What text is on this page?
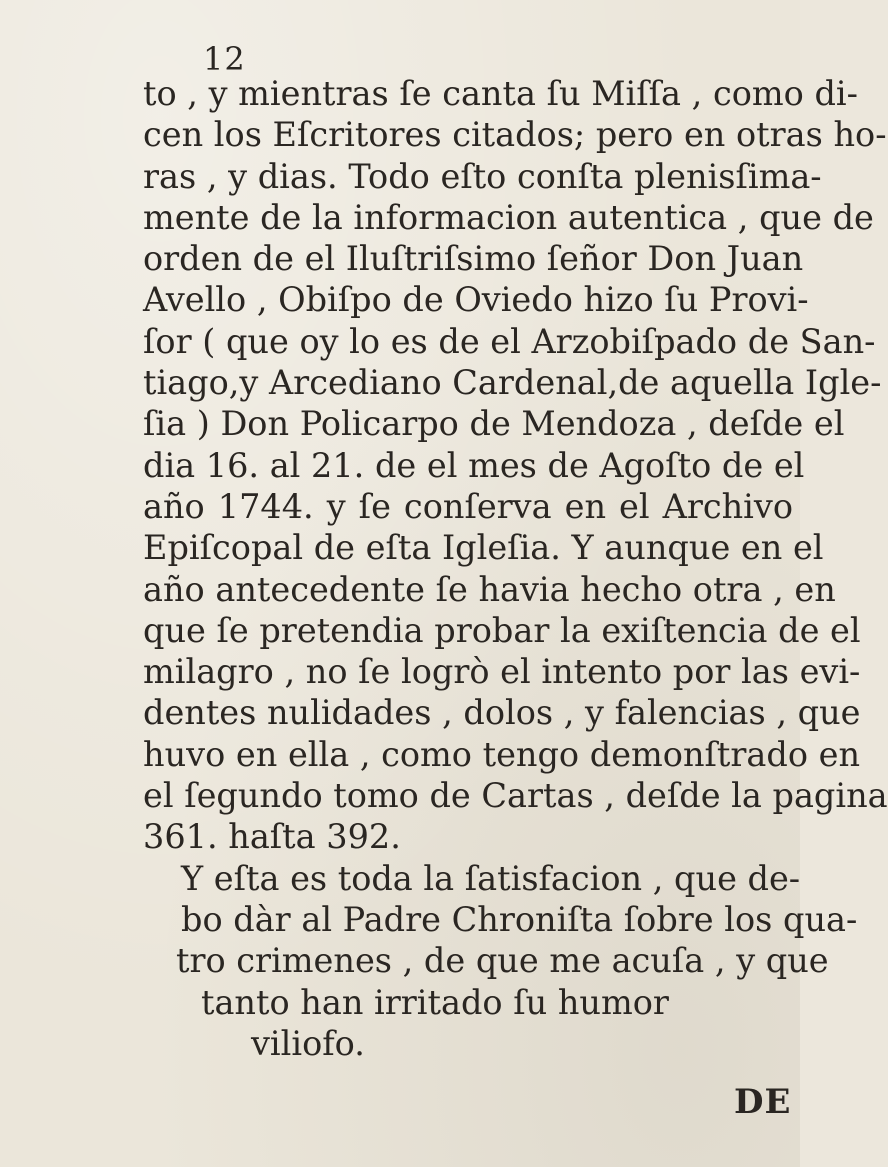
12
to , y mientras ſe canta ſu Miſſa , como di-
cen los Eſcritores citados; pero en otras ho-
ras , y dias. Todo eſto conſta plenisſima-
mente de la informacion autentica , que de
orden de el Iluſtriſsimo ſeñor Don Juan
Avello , Obiſpo de Oviedo hizo ſu Provi-
ſor ( que oy lo es de el Arzobiſpado de San-
tiago,y Arcediano Cardenal,de aquella Igle-
ſia ) Don Policarpo de Mendoza , deſde el
dia 16. al 21. de el mes de Agoſto de el
año 1744. y ſe conſerva en el Archivo
Epiſcopal de eſta Igleſia. Y aunque en el
año antecedente ſe havia hecho otra , en
que ſe pretendia probar la exiſtencia de el
milagro , no ſe logrò el intento por las evi-
dentes nulidades , dolos , y falencias , que
huvo en ella , como tengo demonſtrado en
el ſegundo tomo de Cartas , deſde la pagina
361. haſta 392.
Y eſta es toda la ſatisfacion , que de-
bo dàr al Padre Chroniſta ſobre los qua-
tro crimenes , de que me acuſa , y que
tanto han irritado ſu humor
viliofo.
DE
